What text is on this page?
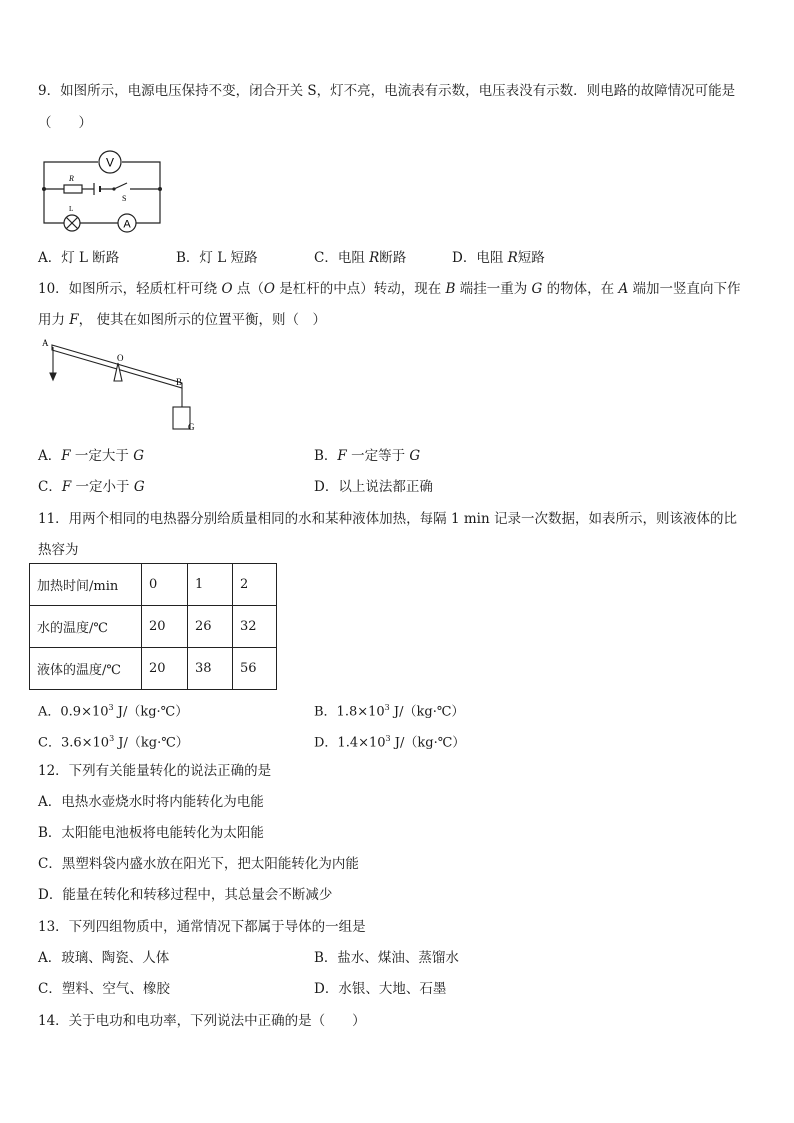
9．如图所示，电源电压保持不变，闭合开关 S，灯不亮，电流表有示数，电压表没有示数．则电路的故障情况可能是
（　　）
V
A
R
S
L
A．灯 L 断路	B．灯 L 短路	C．电阻 R断路	D．电阻 R短路
10．如图所示，轻质杠杆可绕 O 点（O 是杠杆的中点）转动，现在 B 端挂一重为 G 的物体，在 A 端加一竖直向下作
用力 F， 使其在如图所示的位置平衡，则（　）
A
O
B
G
A．F 一定大于 G	B．F 一定等于 G
C．F 一定小于 G	D．以上说法都正确
11．用两个相同的电热器分别给质量相同的水和某种液体加热，每隔 1 min 记录一次数据，如表所示，则该液体的比
热容为
加热时间/min	0	1	2
水的温度/℃	20	26	32
液体的温度/℃	20	38	56
A．$0.9\times 10^3$ J/（kg·℃）	B．$1.8\times 10^3$ J/（kg·℃）
C．$3.6\times 10^3$ J/（kg·℃）	D．$1.4\times 10^3$ J/（kg·℃）
12．下列有关能量转化的说法正确的是
A．电热水壶烧水时将内能转化为电能
B．太阳能电池板将电能转化为太阳能
C．黑塑料袋内盛水放在阳光下，把太阳能转化为内能
D．能量在转化和转移过程中，其总量会不断减少
13．下列四组物质中，通常情况下都属于导体的一组是
A．玻璃、陶瓷、人体	B．盐水、煤油、蒸馏水
C．塑料、空气、橡胶	D．水银、大地、石墨
14．关于电功和电功率，下列说法中正确的是（　　）
